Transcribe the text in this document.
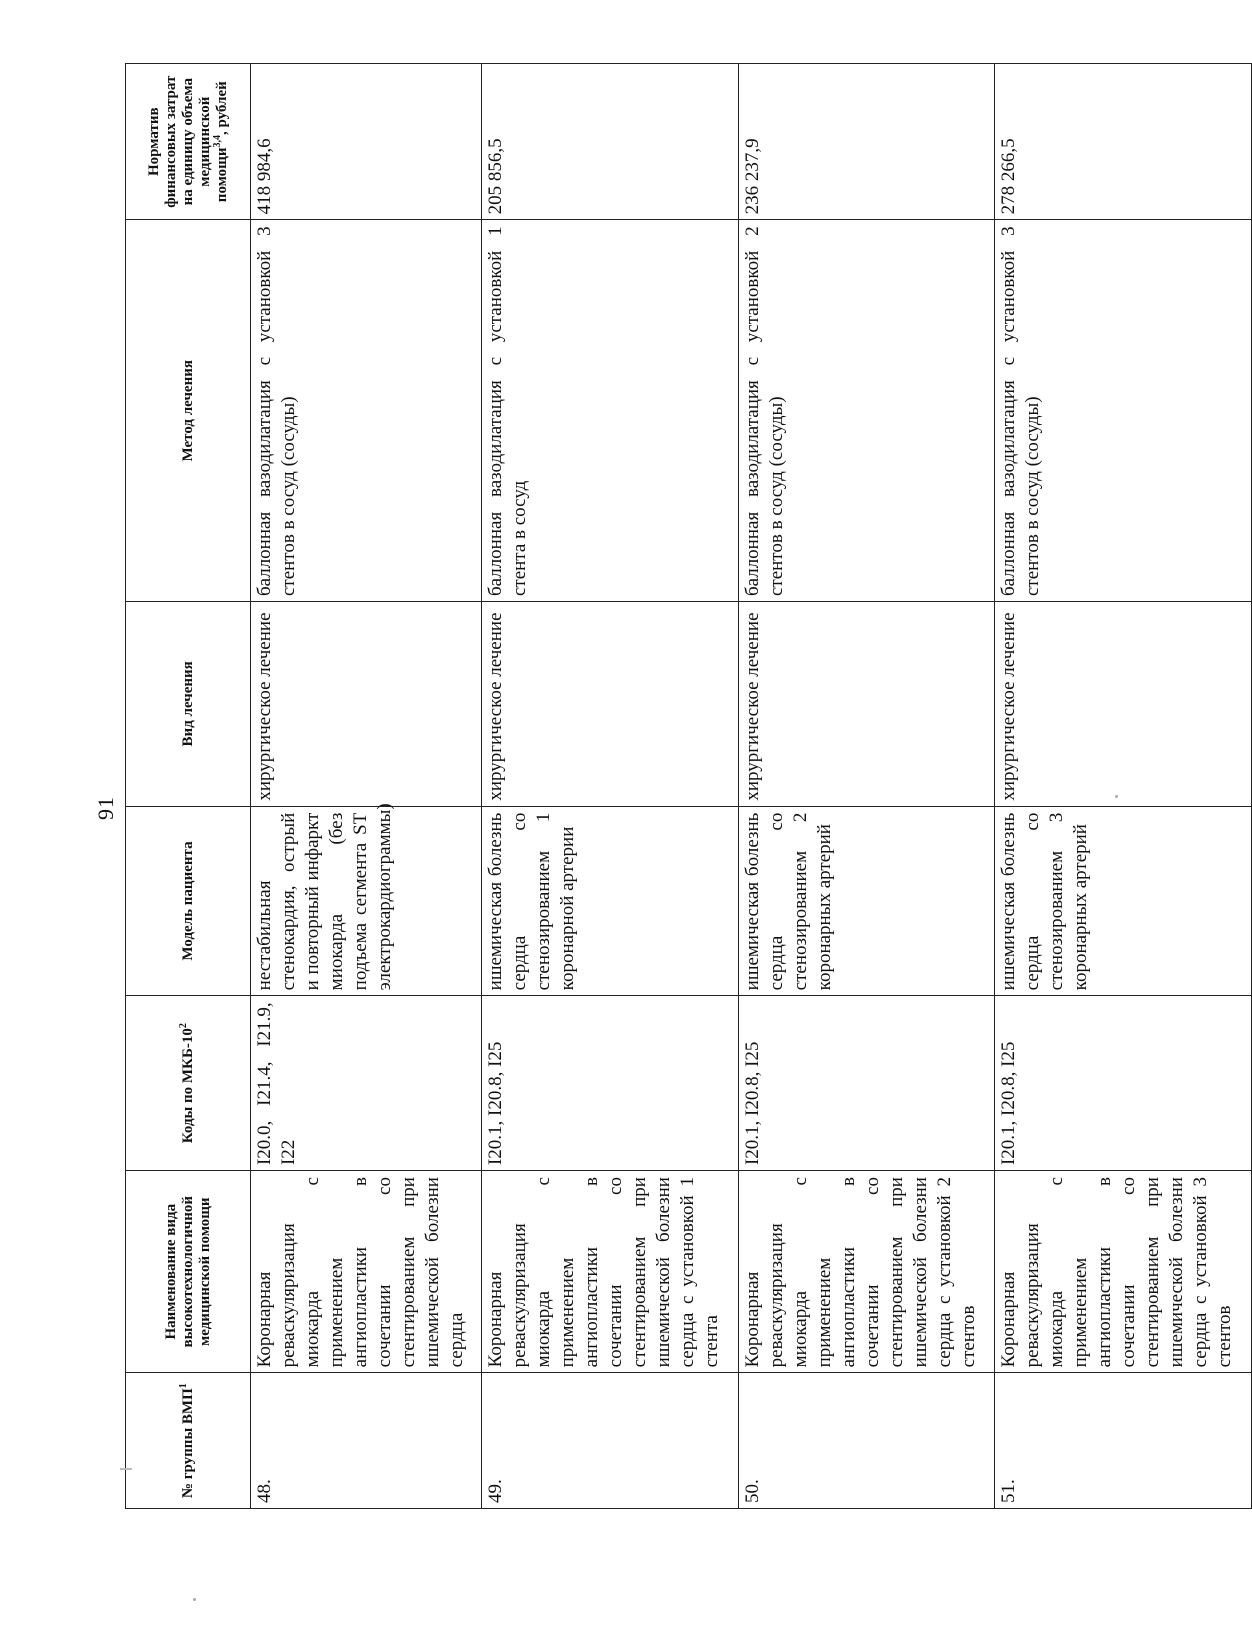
91
№ группы ВМП$^1$	Наименование вида высокотехнологичной медицинской помощи	Коды по МКБ-$10^2$	Модель пациента	Вид лечения	Метод лечения	Норматив финансовых затрат на единицу объема медицинской помощи$^{3,4}$, рублей
48.	Коронарная реваскуляризация миокарда с применением ангиопластики в сочетании со стентированием при ишемической болезни сердца	I20.0, I21.4, I21.9, I22	нестабильная стенокардия, острый и повторный инфаркт миокарда (без подъема сегмента ST электрокардиограммы)	хирургическое лечение	баллонная вазодилатация с установкой 3 стентов в сосуд (сосуды)	418 984,6
49.	Коронарная реваскуляризация миокарда с применением ангиопластики в сочетании со стентированием при ишемической болезни сердца с установкой 1 стента	I20.1, I20.8, I25	ишемическая болезнь сердца со стенозированием 1 коронарной артерии	хирургическое лечение	баллонная вазодилатация с установкой 1 стента в сосуд	205 856,5
50.	Коронарная реваскуляризация миокарда с применением ангиопластики в сочетании со стентированием при ишемической болезни сердца с установкой 2 стентов	I20.1, I20.8, I25	ишемическая болезнь сердца со стенозированием 2 коронарных артерий	хирургическое лечение	баллонная вазодилатация с установкой 2 стентов в сосуд (сосуды)	236 237,9
51.	Коронарная реваскуляризация миокарда с применением ангиопластики в сочетании со стентированием при ишемической болезни сердца с установкой 3 стентов	I20.1, I20.8, I25	ишемическая болезнь сердца со стенозированием 3 коронарных артерий	хирургическое лечение	баллонная вазодилатация с установкой 3 стентов в сосуд (сосуды)	278 266,5
